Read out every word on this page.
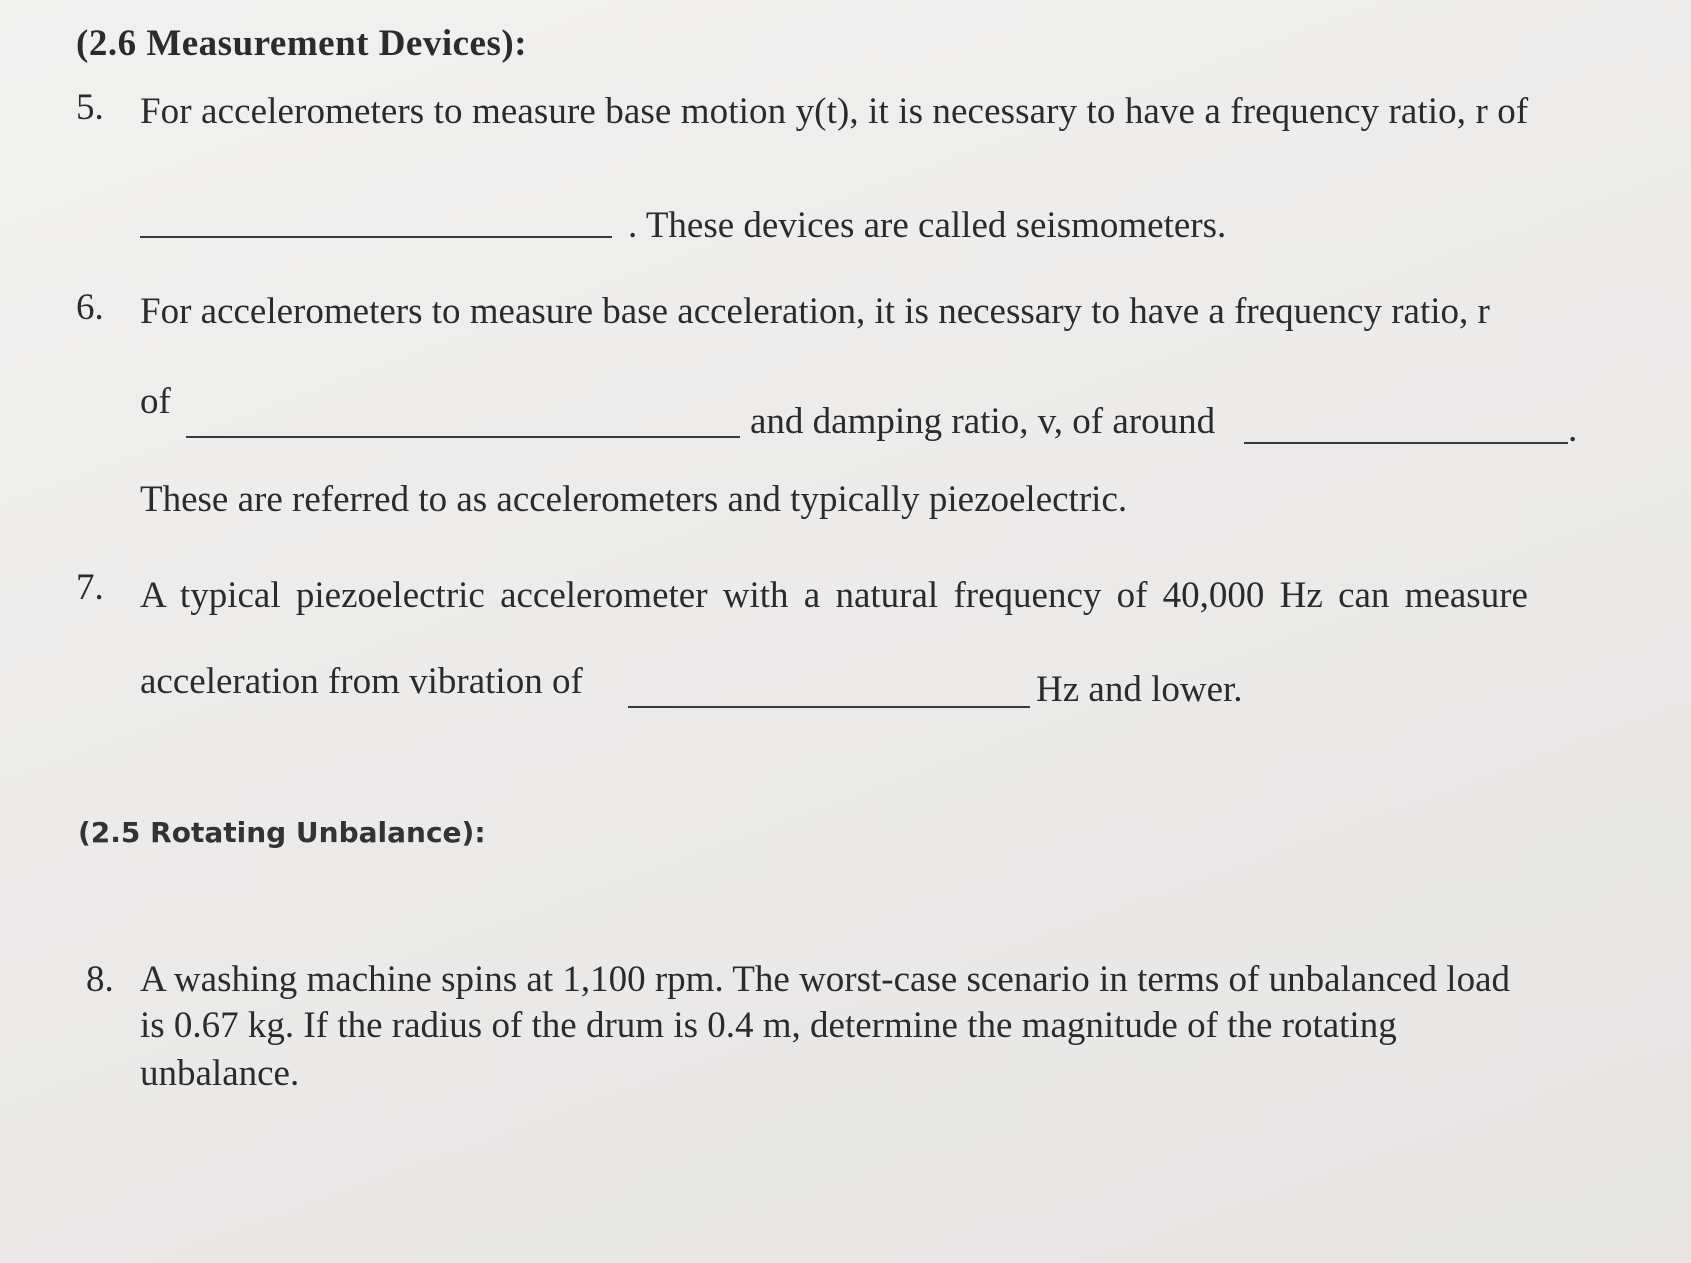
(2.6 Measurement Devices):
5. For accelerometers to measure base motion y(t), it is necessary to have a frequency ratio, r of
. These devices are called seismometers.
6. For accelerometers to measure base acceleration, it is necessary to have a frequency ratio, r
of	and damping ratio, v, of around	.
These are referred to as accelerometers and typically piezoelectric.
7. A typical piezoelectric accelerometer with a natural frequency of 40,000 Hz can measure
acceleration from vibration of	Hz and lower.
(2.5 Rotating Unbalance):
8. A washing machine spins at 1,100 rpm. The worst-case scenario in terms of unbalanced load
is 0.67 kg. If the radius of the drum is 0.4 m, determine the magnitude of the rotating
unbalance.
